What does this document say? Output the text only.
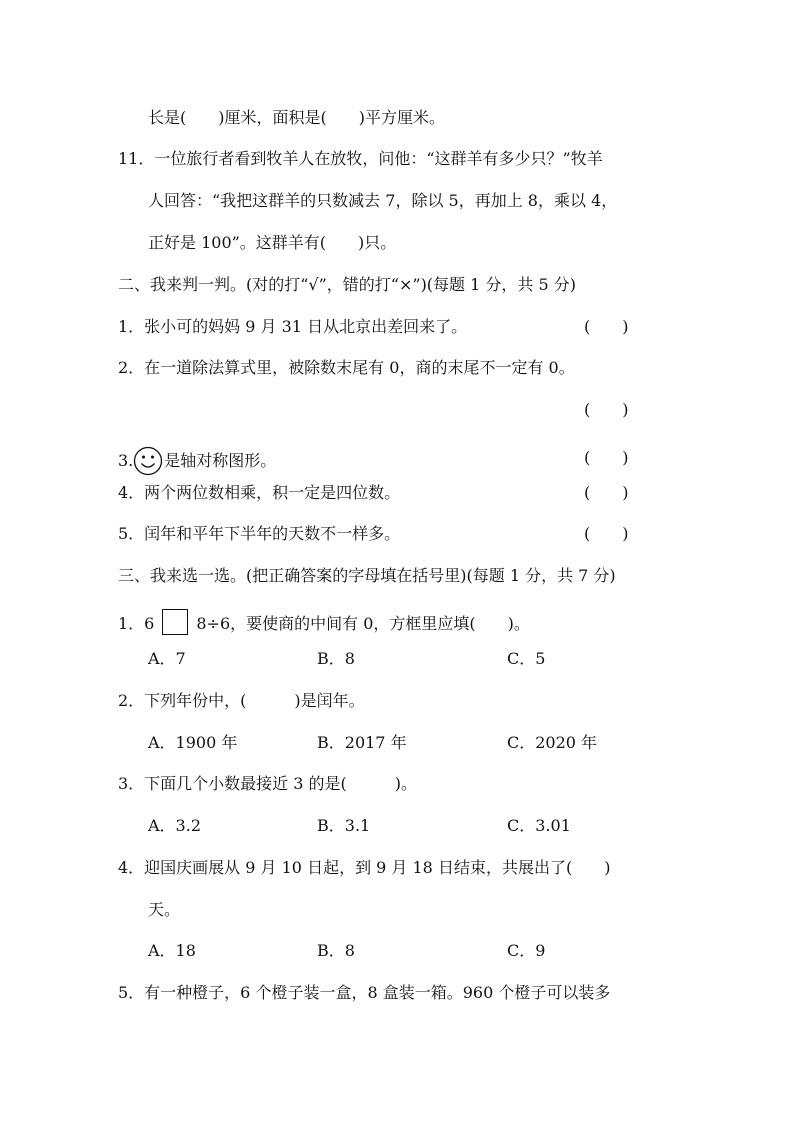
长是(　　)厘米，面积是(　　)平方厘米。
11．一位旅行者看到牧羊人在放牧，问他：“这群羊有多少只？”牧羊
人回答：“我把这群羊的只数减去 7，除以 5，再加上 8，乘以 4，
正好是 100”。这群羊有(　　)只。
二、我来判一判。(对的打“√”，错的打“×”)(每题 1 分，共 5 分)
1．张小可的妈妈 9 月 31 日从北京出差回来了。	(　　)
2．在一道除法算式里，被除数末尾有 0，商的末尾不一定有 0。
(　　)
3. 是轴对称图形。	(　　)
4．两个两位数相乘，积一定是四位数。	(　　)
5．闰年和平年下半年的天数不一样多。	(　　)
三、我来选一选。(把正确答案的字母填在括号里)(每题 1 分，共 7 分)
1．6	8÷6，要使商的中间有 0，方框里应填(　　)。
A．7	B．8	C．5
2．下列年份中，(　　　)是闰年。
A．1900 年	B．2017 年	C．2020 年
3．下面几个小数最接近 3 的是(　　　)。
A．3.2	B．3.1	C．3.01
4．迎国庆画展从 9 月 10 日起，到 9 月 18 日结束，共展出了(　　)
天。
A．18	B．8	C．9
5．有一种橙子，6 个橙子装一盒，8 盒装一箱。960 个橙子可以装多
